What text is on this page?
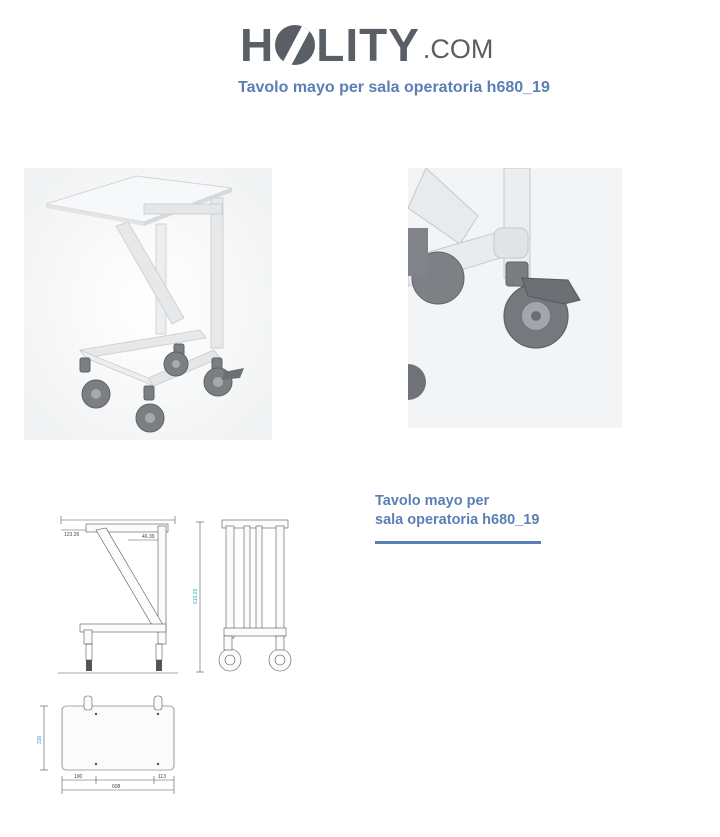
H LITY .COM
Tavolo mayo per sala operatoria h680_19
123.26	46.39
615.29
336
190	113
608
Tavolo mayo per
sala operatoria h680_19
